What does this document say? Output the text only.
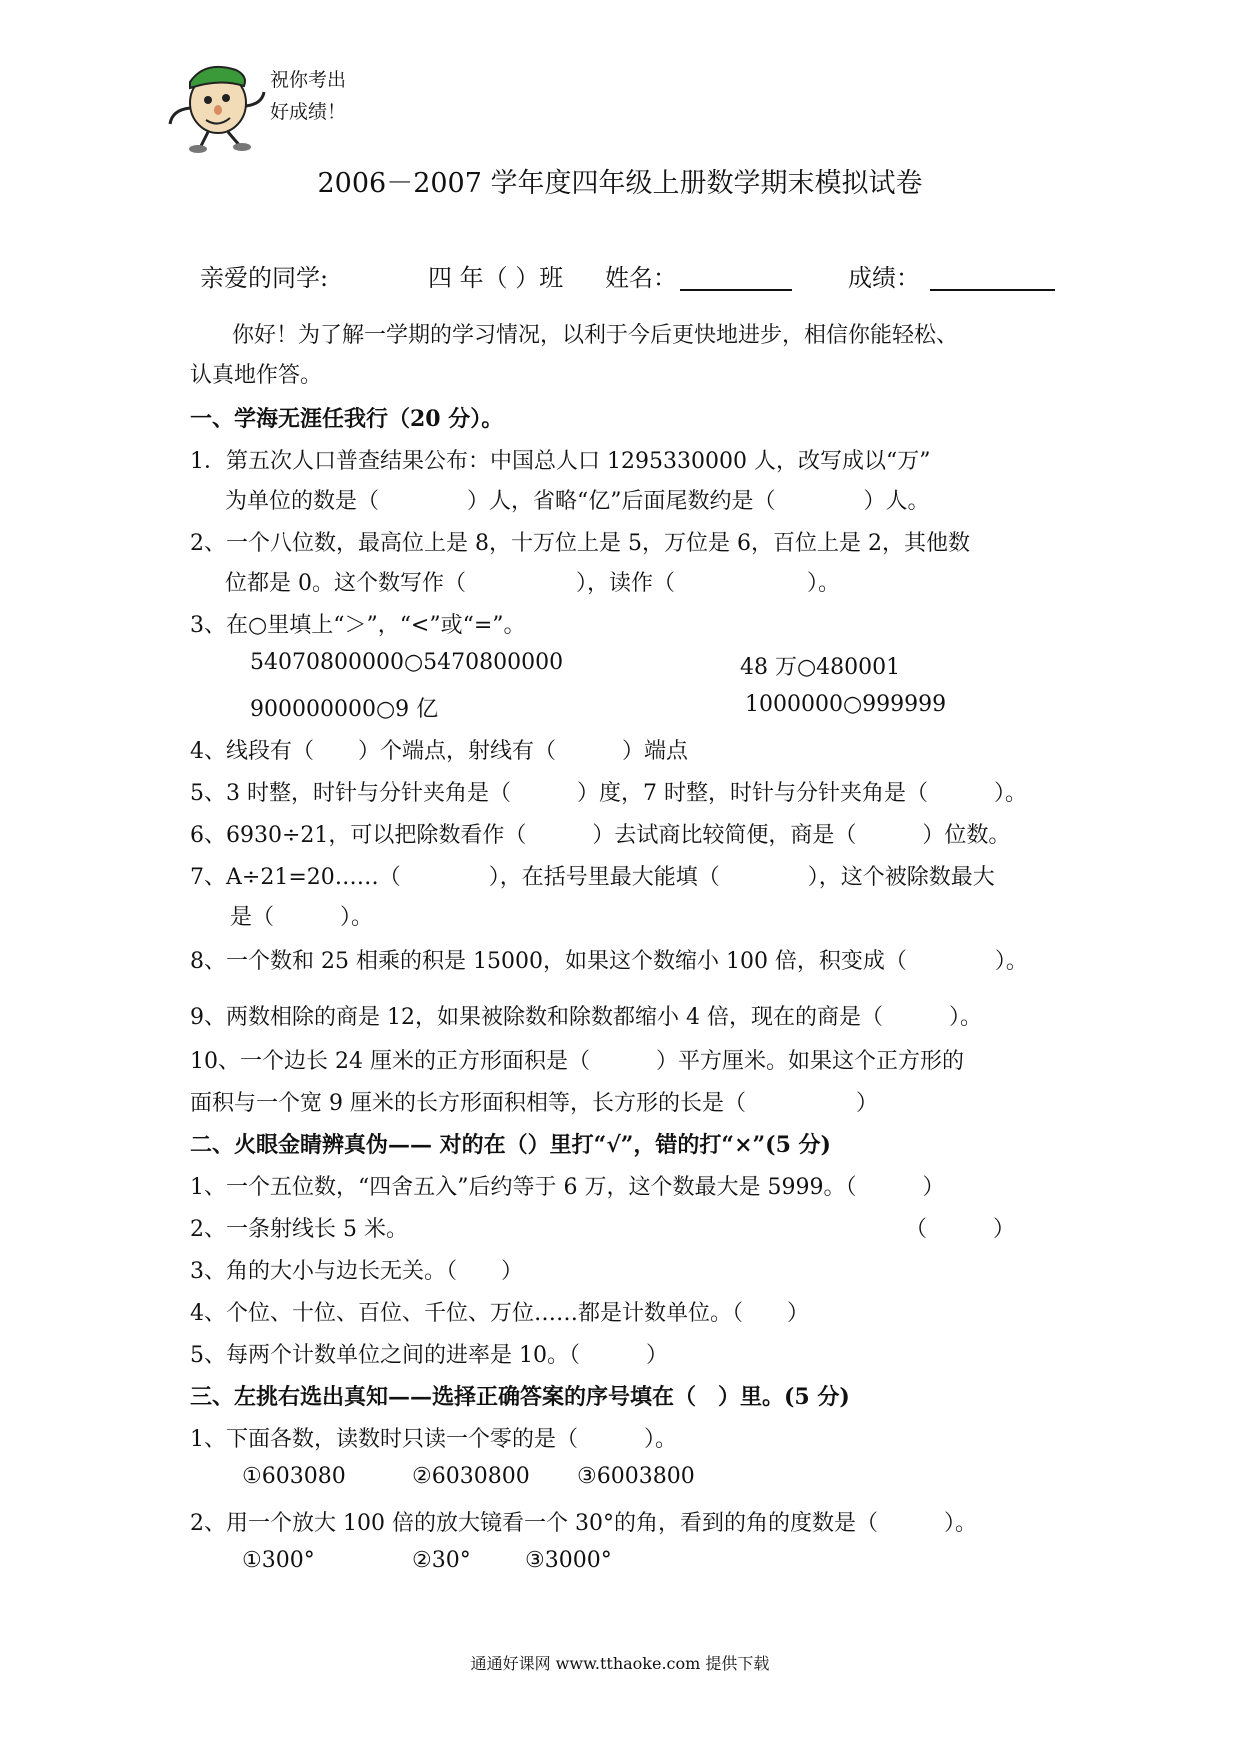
祝你考出
好成绩！
2006－2007 学年度四年级上册数学期末模拟试卷
亲爱的同学:	四 年（ ）班 姓名：	成绩：
你好！为了解一学期的学习情况，以利于今后更快地进步，相信你能轻松、
认真地作答。
一、学海无涯任我行（20 分）。
1．第五次人口普查结果公布：中国总人口 1295330000 人，改写成以“万”
为单位的数是（　　　　）人，省略“亿”后面尾数约是（　　　　）人。
2、一个八位数，最高位上是 8，十万位上是 5，万位是 6，百位上是 2，其他数
位都是 0。这个数写作（　　　　　），读作（　　　　　　）。
3、在○里填上“＞”，“<”或“=”。
54070800000○5470800000	48 万○480001
900000000○9 亿	1000000○999999
4、线段有（　　）个端点，射线有（　　　）端点
5、3 时整，时针与分针夹角是（　　　）度，7 时整，时针与分针夹角是（　　　）。
6、6930÷21，可以把除数看作（　　　）去试商比较简便，商是（　　　）位数。
7、A÷21=20……（　　　　），在括号里最大能填（　　　　），这个被除数最大
是（　　　）。
8、一个数和 25 相乘的积是 15000，如果这个数缩小 100 倍，积变成（　　　　）。
9、两数相除的商是 12，如果被除数和除数都缩小 4 倍，现在的商是（　　　）。
10、一个边长 24 厘米的正方形面积是（　　　）平方厘米。如果这个正方形的
面积与一个宽 9 厘米的长方形面积相等，长方形的长是（　　　　　）
二、火眼金睛辨真伪—— 对的在（）里打“√”，错的打“×”(5 分)
1、一个五位数，“四舍五入”后约等于 6 万，这个数最大是 5999。（　　　）
2、一条射线长 5 米。	（　　　）
3、角的大小与边长无关。（　　）
4、个位、十位、百位、千位、万位……都是计数单位。（　　）
5、每两个计数单位之间的进率是 10。（　　　）
三、左挑右选出真知——选择正确答案的序号填在（　）里。(5 分)
1、下面各数，读数时只读一个零的是（　　　）。
①603080	②6030800 ③6003800
2、用一个放大 100 倍的放大镜看一个 30°的角，看到的角的度数是（　　　）。
①300°	②30° ③3000°
通通好课网 www.tthaoke.com 提供下载
